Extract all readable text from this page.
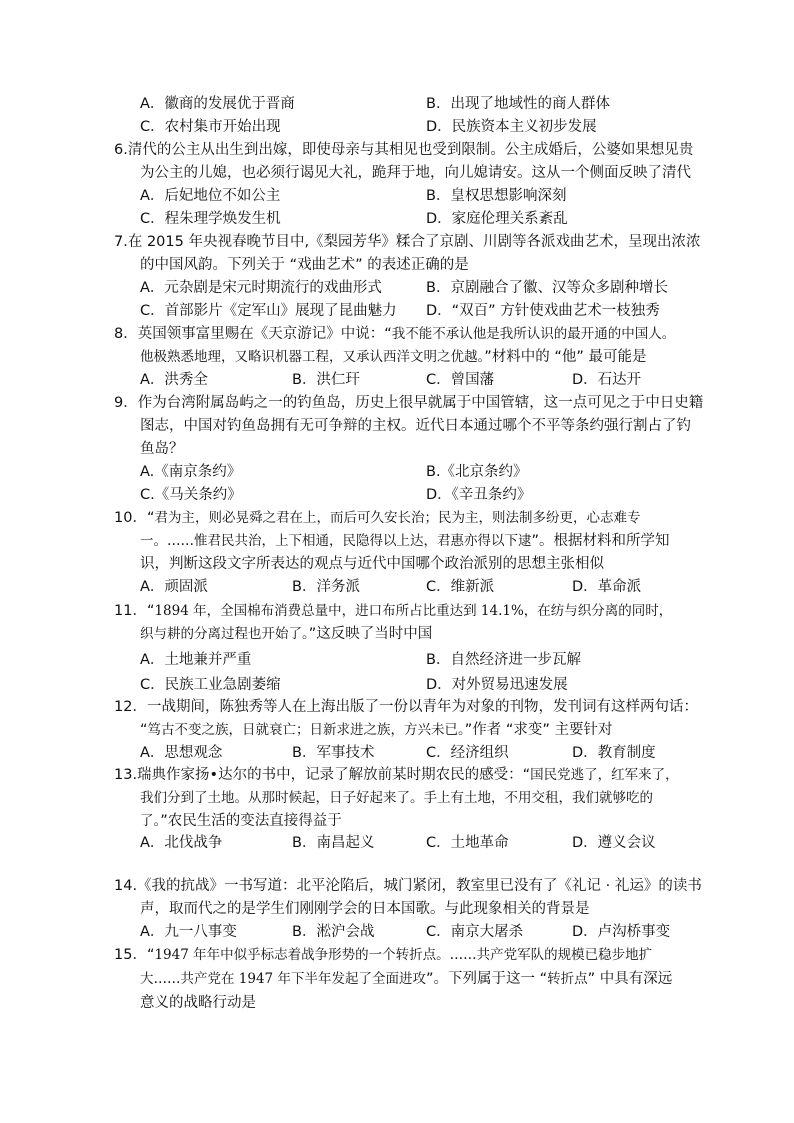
A．徽商的发展优于晋商	B．出现了地域性的商人群体
C．农村集市开始出现	D．民族资本主义初步发展
6.清代的公主从出生到出嫁，即使母亲与其相见也受到限制。公主成婚后，公婆如果想见贵
为公主的儿媳，也必须行谒见大礼，跪拜于地，向儿媳请安。这从一个侧面反映了清代
A．后妃地位不如公主	B．皇权思想影响深刻
C．程朱理学焕发生机	D．家庭伦理关系紊乱
7.在 2015 年央视春晚节目中,《梨园芳华》糅合了京剧、川剧等各派戏曲艺术，呈现出浓浓
的中国风韵。下列关于 “戏曲艺术” 的表述正确的是
A．元杂剧是宋元时期流行的戏曲形式	B．京剧融合了徽、汉等众多剧种增长
C．首部影片《定军山》展现了昆曲魅力 D．“双百” 方针使戏曲艺术一枝独秀
8．英国领事富里赐在《天京游记》中说：“我不能不承认他是我所认识的最开通的中国人。
他极熟悉地理，又略识机器工程，又承认西洋文明之优越。”材料中的 “他” 最可能是
A．洪秀全	B．洪仁玕	C．曾国藩	D．石达开
9．作为台湾附属岛屿之一的钓鱼岛，历史上很早就属于中国管辖，这一点可见之于中日史籍
图志，中国对钓鱼岛拥有无可争辩的主权。近代日本通过哪个不平等条约强行割占了钓
鱼岛？
A.《南京条约》	B.《北京条约》
C.《马关条约》	D．《辛丑条约》
10．“君为主，则必晃舜之君在上，而后可久安长治；民为主，则法制多纷更，心志难专
一。……惟君民共治，上下相通，民隐得以上达，君惠亦得以下逮”。根据材料和所学知
识，判断这段文字所表达的观点与近代中国哪个政治派别的思想主张相似
A．顽固派	B．洋务派	C．维新派	D．革命派
11．“1894 年，全国棉布消费总量中，进口布所占比重达到 14.1%，在纺与织分离的同时，
织与耕的分离过程也开始了。”这反映了当时中国
A．土地兼并严重	B．自然经济进一步瓦解
C．民族工业急剧萎缩	D．对外贸易迅速发展
12．一战期间，陈独秀等人在上海出版了一份以青年为对象的刊物，发刊词有这样两句话：
“笃古不变之族，日就衰亡；日新求进之族，方兴未已。”作者 “求变” 主要针对
A．思想观念	B．军事技术	C．经济组织	D．教育制度
13.瑞典作家扬•达尔的书中，记录了解放前某时期农民的感受：“国民党逃了，红军来了，
我们分到了土地。从那时候起，日子好起来了。手上有土地，不用交租，我们就够吃的
了。”农民生活的变法直接得益于
A．北伐战争	B．南昌起义	C．土地革命	D．遵义会议
14.《我的抗战》一书写道：北平沦陷后，城门紧闭，教室里已没有了《礼记 · 礼运》的读书
声，取而代之的是学生们刚刚学会的日本国歌。与此现象相关的背景是
A．九一八事变	B．淞沪会战	C．南京大屠杀	D．卢沟桥事变
15．“1947 年年中似乎标志着战争形势的一个转折点。……共产党军队的规模已稳步地扩
大……共产党在 1947 年下半年发起了全面进攻”。下列属于这一 “转折点” 中具有深远
意义的战略行动是
